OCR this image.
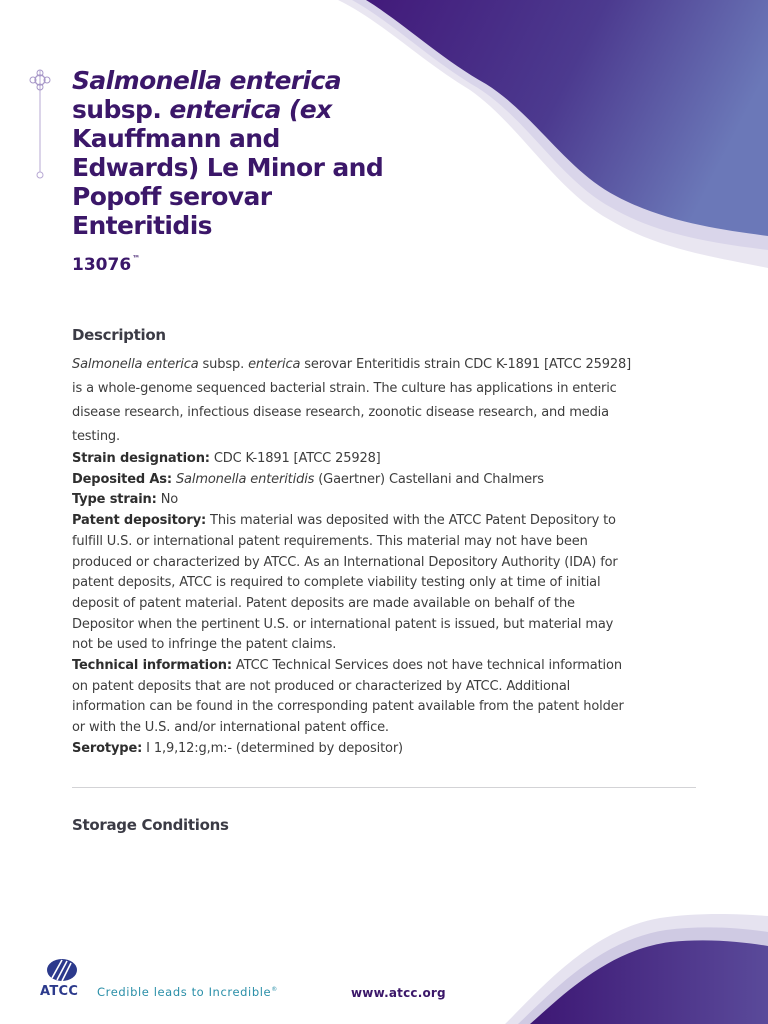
Salmonella enterica subsp. enterica (ex Kauffmann and Edwards) Le Minor and Popoff serovar Enteritidis
13076™
Description

Salmonella enterica subsp. enterica serovar Enteritidis strain CDC K-1891 [ATCC 25928] is a whole-genome sequenced bacterial strain. The culture has applications in enteric disease research, infectious disease research, zoonotic disease research, and media testing.

Strain designation: CDC K-1891 [ATCC 25928]

Deposited As: Salmonella enteritidis (Gaertner) Castellani and Chalmers

Type strain: No

Patent depository: This material was deposited with the ATCC Patent Depository to fulfill U.S. or international patent requirements. This material may not have been produced or characterized by ATCC. As an International Depository Authority (IDA) for patent deposits, ATCC is required to complete viability testing only at time of initial deposit of patent material. Patent deposits are made available on behalf of the Depositor when the pertinent U.S. or international patent is issued, but material may not be used to infringe the patent claims.

Technical information: ATCC Technical Services does not have technical information on patent deposits that are not produced or characterized by ATCC. Additional information can be found in the corresponding patent available from the patent holder or with the U.S. and/or international patent office.

Serotype: I 1,9,12:g,m:- (determined by depositor)

Storage Conditions
ATCC Credible leads to Incredible®	www.atcc.org
